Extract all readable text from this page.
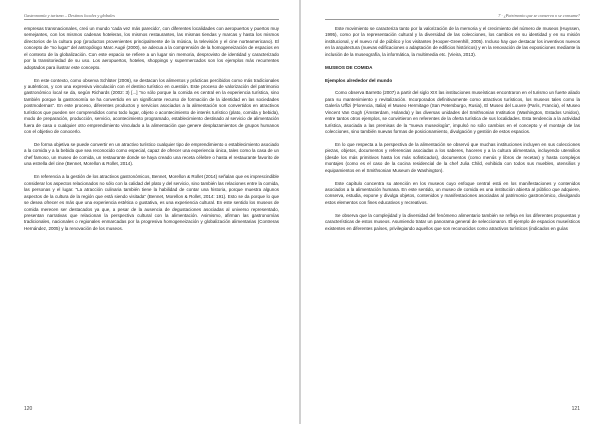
Gastronomía y turismo – Destinos locales y globales

empresas transnacionales, creó un mundo ‘cada vez más parecido’, con diferentes localidades con aeropuertos y puertos muy semejantes, con los mismos cadenas hoteleras, los mismos restaurantes, las mismas tiendas y marcas y hasta los mismos directorios de la cultura pop (productos provenientes principalmente de la música, la televisión y el cine norteamericano). El concepto de “no lugar” del antropólogo Marc Augé (2000), se adecua a la comprensión de la homogeneización de espacios en el contexto de la globalización. Con este espacio se refiere a un lugar sin memoria, desprovisto de identidad y caracterizado por la transitoriedad de su uso. Los aeropuertos, hoteles, shoppings y supermercados son los ejemplos más recurrentes adoptados para ilustrar este concepto.

En este contexto, como observa Schlüter (2006), se destacan los alimentos y prácticas percibidos como más tradicionales y auténticos, y con una expresiva vinculación con el destino turístico en cuestión. Este proceso de valorización del patrimonio gastronómico local se da, según Richards (2002: 3) [...] “no sólo porque la comida es central en la experiencia turística, sino también porque la gastronomía se ha convertido en un significante recurso de formación de la identidad en las sociedades postmodernas”. En este proceso, diferentes productos y servicios asociados a la alimentación son convertidos en atractivos turísticos que pueden ser comprendidos como todo lugar, objeto o acontecimiento de interés turístico (plato, comida y bebida), modo de preparación, producción, servicio, acontecimiento programado, establecimiento destinado al servicio de alimentación fuera de casa o cualquier otro emprendimiento vinculado a la alimentación que genere desplazamientos de grupos humanos con el objetivo de conocerlo.

De forma objetiva se puede convertir en un atractivo turístico cualquier tipo de emprendimiento o establecimiento asociado a la comida y a la bebida que sea reconocido como especial, capaz de ofrecer una experiencia única, tales como la casa de un chef famoso, un museo de comida, un restaurante donde se haya creado una receta célebre o hasta el restaurante favorito de una estrella del cine (Bennet, Morellon & Rollet, 2014).

En referencia a la gestión de los atractivos gastronómicos, Bennet, Morellon & Rollet (2014) señalan que es imprescindible considerar los aspectos relacionados no sólo con la calidad del plato y del servicio, sino también las relaciones entre la comida, las personas y el lugar. “La atracción culinaria también tiene la habilidad de contar una historia, porque muestra algunos aspectos de la cultura de la región que está siendo visitada” (Bennet, Morellon & Rollet, 2014: 191). Esto se da porque lo que se desea ofrecer es más que una experiencia estética o gustativa, es una experiencia cultural. En este sentido los museos de comida merecen ser destacados ya que, a pesar de la ausencia de degustaciones asociadas al universo representado, presentan narrativas que relacionan la perspectiva cultural con la alimentación. Asimismo, afirman las gastronomías tradicionales, nacionales o regionales enmarcadas por la progresiva homogeneización y globalización alimentarias (Contreras Hernández, 2005) y la renovación de los museos.

120
7 · ¿Patrimonio que se conserva o se consume?

Este movimiento se caracteriza tanto por la valorización de la memoria y el crecimiento del número de museos (Huyssen, 1995), como por la representación cultural y la diversidad de las colecciones, los cambios en su identidad y en su misión institucional, y el nuevo rol de público y los visitantes (Hooper-Greenhill, 2005). Incluso hay que destacar los inventivos nuevos en la arquitectura (nuevas edificaciones o adaptación de edificios históricos) y en la renovación de las exposiciones mediante la inclusión de la museografía, la informática, la multimedia etc. (Vieira, 2013).

MUSEOS DE COMIDA
Ejemplos alrededor del mundo

Como observa Barretto (2007) a partir del siglo XIX las instituciones museísticas encontraron en el turismo un fuerte aliado para su mantenimiento y revitalización. Incorporados definitivamente como atractivos turísticos, los museos tales como la Galería Uffizi (Florencia, Italia) el Museo Hermitage (San Petersburgo, Rusia), El Museo del Louvre (París, Francia), el Museo Vincent Van Gogh (Ámsterdam, Holanda) y las diversas unidades del Smithsonian Institution (Washington, Estados Unidos), entre tantos otros ejemplos, se convirtieron en referentes de la oferta turística de sus localidades. Esta tendencia a la actividad turística, asociada a las premisas de la “nueva museología”, impulsó no sólo cambios en el concepto y el montaje de las colecciones, sino también nuevas formas de posicionamiento, divulgación y gestión de estos espacios.

En lo que respecta a la perspectiva de la alimentación se observó que muchas instituciones incluyen en sus colecciones piezas, objetos, documentos y referencias asociadas a los saberes, haceres y a la cultura alimentaria, incluyendo utensilios (desde los más primitivos hasta los más sofisticados), documentos (como menús y libros de recetas) y hasta complejos montajes (como es el caso de la cocina residencial de la chef Julia Child, exhibida con todos sus muebles, utensilios y equipamientos en el Smithsonian Museum de Washington).

Este capítulo concentra su atención en los museos cuyo enfoque central está en los manifestaciones y contenidos asociados a la alimentación humana. En este sentido, un museo de comida es una institución abierta al público que adquiere, conserva, estudia, expone y divulga objetos, contenidos y manifestaciones asociadas al patrimonio gastronómico, divulgando estos elementos con fines educativos y recreativos.

Se observa que la complejidad y la diversidad del fenómeno alimentario también se refleja en los diferentes propuestas y características de estos museos. Asumiendo tratar un panorama general de seleccionaron. El ejemplo de espacios museísticos existentes en diferentes países, privilegiando aquellos que son reconocidos como atractivos turísticos (indicados en guías

121
